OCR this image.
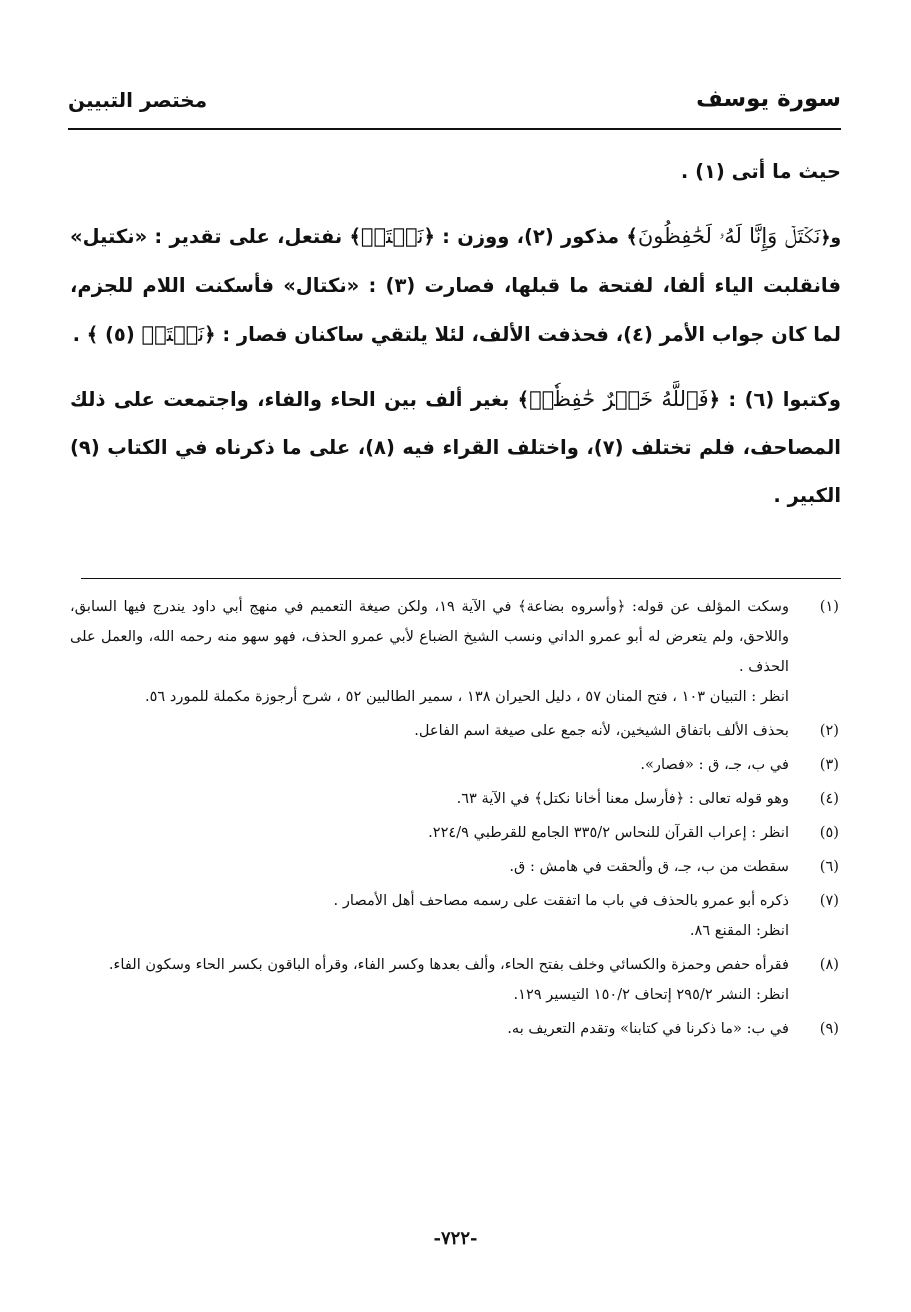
سورة يوسف
مختصر التبيين

حيث ما أتى (١) .

و﴿نَكۡتَلۡ وَإِنَّا لَهُۥ لَحَٰفِظُونَ﴾ مذكور (٢)، ووزن : ﴿نَكۡتَلۡ﴾ نفتعل، على تقدير : «نكتيل» فانقلبت الياء ألفا، لفتحة ما قبلها، فصارت (٣) : «نكتال» فأسكنت اللام للجزم، لما كان جواب الأمر (٤)، فحذفت الألف، لئلا يلتقي ساكنان فصار : ﴿نَكۡتَلۡ (٥) ﴾ .

وكتبوا (٦) : ﴿فَٱللَّهُ خَيۡرٌ حَٰفِظٗاۖ﴾ بغير ألف بين الحاء والفاء، واجتمعت على ذلك المصاحف، فلم تختلف (٧)، واختلف القراء فيه (٨)، على ما ذكرناه في الكتاب (٩) الكبير .

(١)
وسكت المؤلف عن قوله: ﴿وأسروه بضاعة﴾ في الآية ١٩، ولكن صيغة التعميم في منهج أبي داود يندرج فيها السابق، واللاحق، ولم يتعرض له أبو عمرو الداني ونسب الشيخ الضباع لأبي عمرو الحذف، فهو سهو منه رحمه الله، والعمل على الحذف .
انظر : التبيان ١٠٣ ، فتح المنان ٥٧ ، دليل الحيران ١٣٨ ، سمير الطالبين ٥٢ ، شرح أرجوزة مكملة للمورد ٥٦.
(٢)
بحذف الألف باتفاق الشيخين، لأنه جمع على صيغة اسم الفاعل.
(٣)
في ب، جـ، ق : «فصار».
(٤)
وهو قوله تعالى : ﴿فأرسل معنا أخانا نكتل﴾ في الآية ٦٣.
(٥)
انظر : إعراب القرآن للنحاس ٣٣٥/٢ الجامع للقرطبي ٢٢٤/٩.
(٦)
سقطت من ب، جـ، ق وألحقت في هامش : ق.
(٧)
ذكره أبو عمرو بالحذف في باب ما اتفقت على رسمه مصاحف أهل الأمصار .
انظر: المقنع ٨٦.
(٨)
فقرأه حفص وحمزة والكسائي وخلف بفتح الحاء، وألف بعدها وكسر الفاء، وقرأه الباقون بكسر الحاء وسكون الفاء.
انظر: النشر ٢٩٥/٢ إتحاف ١٥٠/٢ التيسير ١٢٩.
(٩)
في ب: «ما ذكرنا في كتابنا» وتقدم التعريف به.
-٧٢٢-
